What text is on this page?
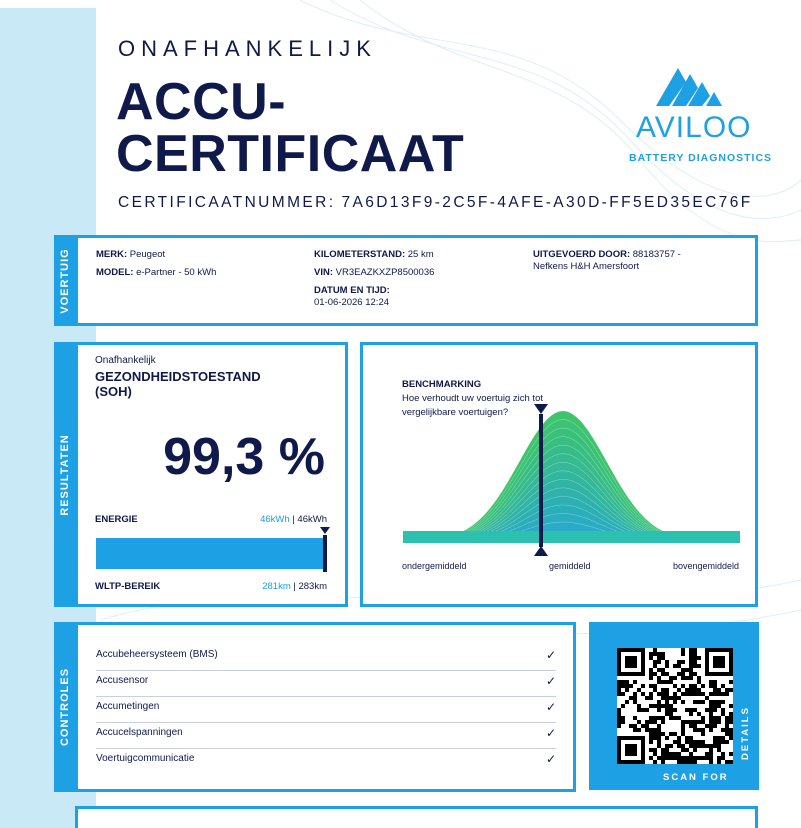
ONAFHANKELIJK
ACCU-
CERTIFICAAT
CERTIFICAATNUMMER: 7A6D13F9-2C5F-4AFE-A30D-FF5ED35EC76F
AVILOO
BATTERY DIAGNOSTICS
VOERTUIG	MERK: Peugeot
MODEL: e-Partner - 50 kWh
KILOMETERSTAND: 25 km
VIN: VR3EAZKXZP8500036
DATUM EN TIJD:
01-06-2026 12:24
UITGEVOERD DOOR: 88183757 -
Nefkens H&H Amersfoort
RESULTATEN
Onafhankelijk
GEZONDHEIDSTOESTAND (SOH)
99,3 %
ENERGIE	46kWh | 46kWh
WLTP-BEREIK	281km | 283km
BENCHMARKING
Hoe verhoudt uw voertuig zich tot vergelijkbare voertuigen?
ondergemiddeld	gemiddeld	bovengemiddeld
CONTROLES
Accubeheersysteem (BMS)	✓
Accusensor	✓
Accumetingen	✓
Accucelspanningen	✓
Voertuigcommunicatie	✓
SCAN FOR
DETAILS
